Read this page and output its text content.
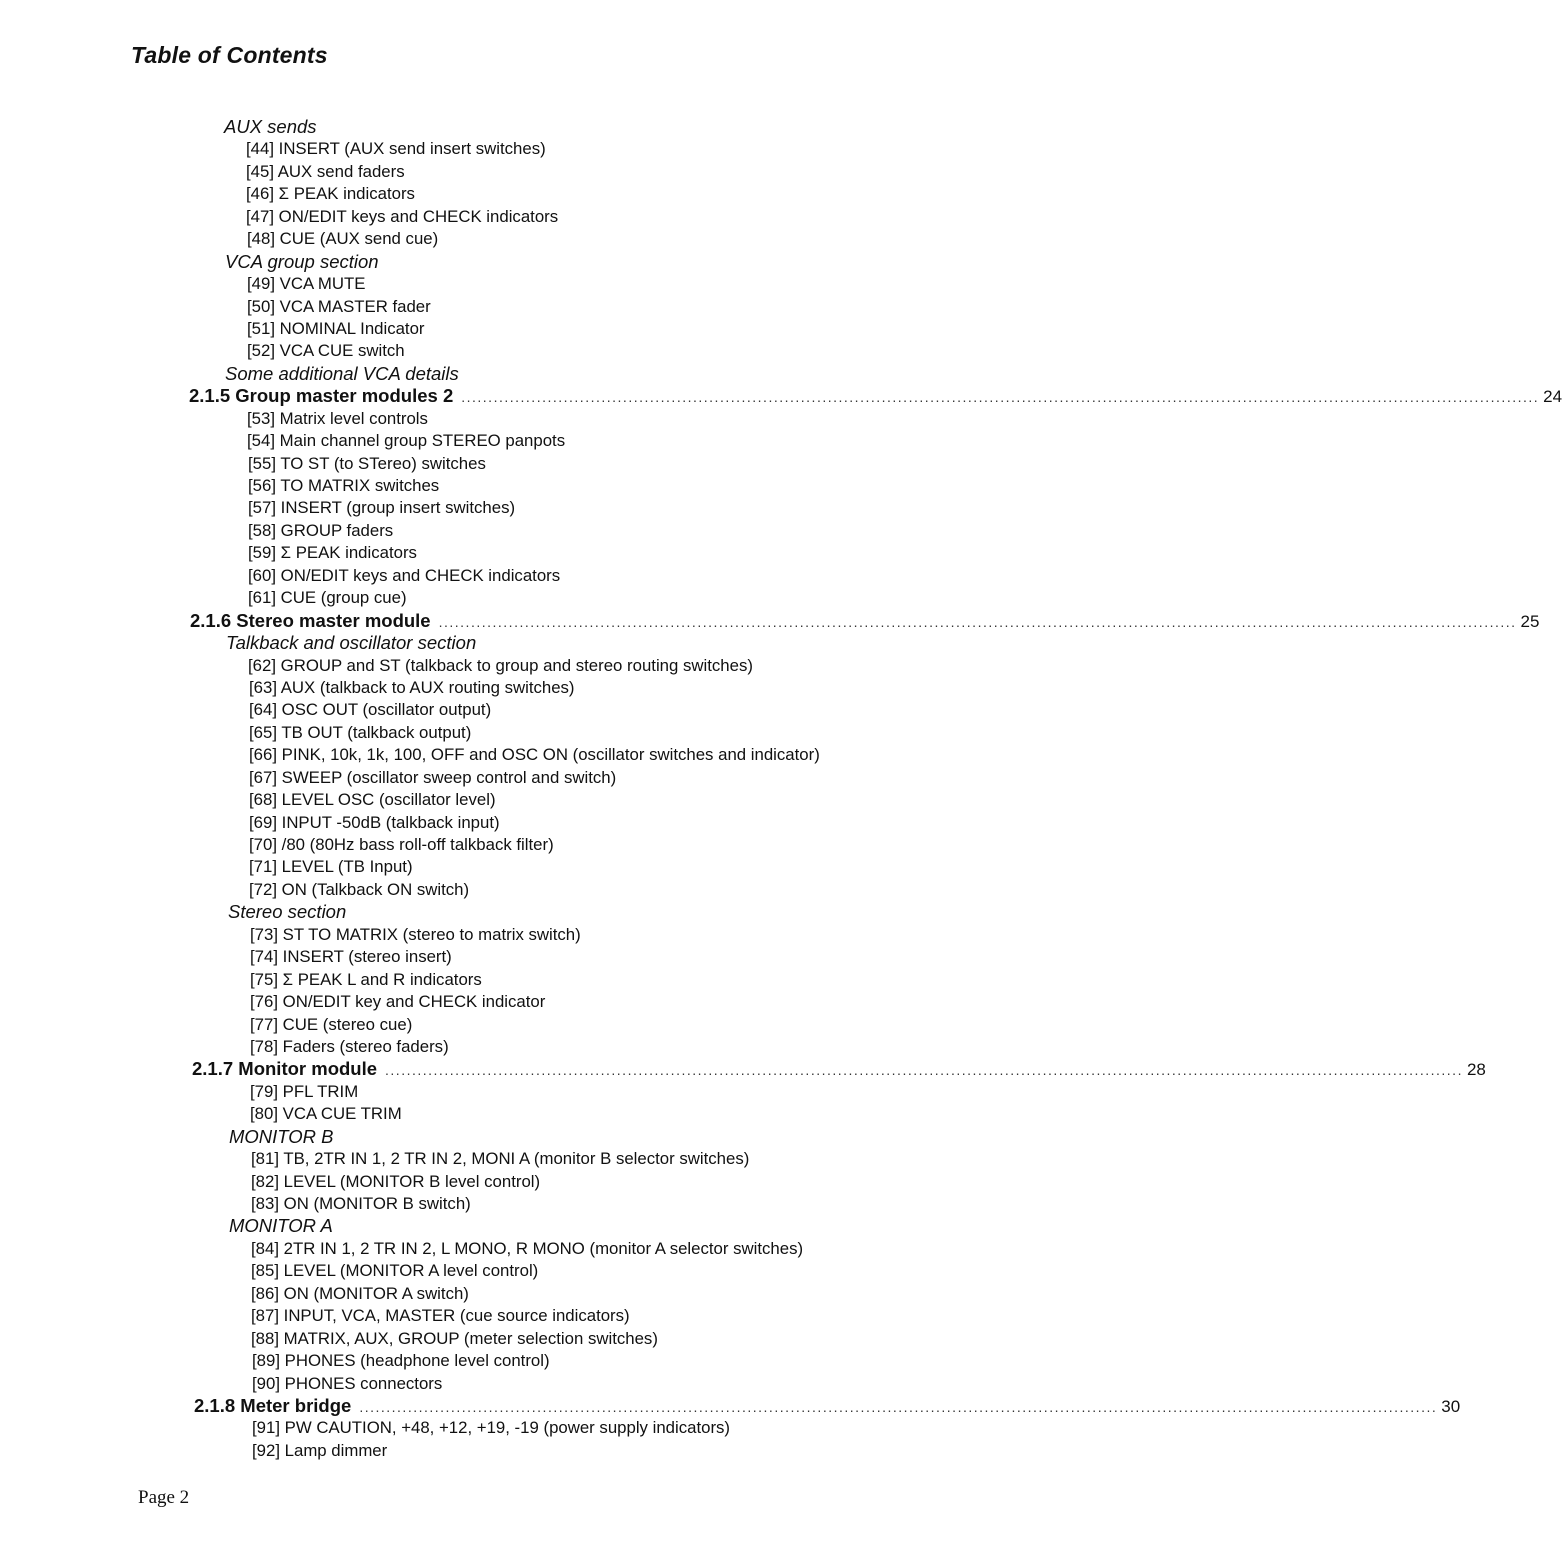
Table of Contents
AUX sends
[44] INSERT (AUX send insert switches)
[45] AUX send faders
[46] Σ PEAK indicators
[47] ON/EDIT keys and CHECK indicators
[48] CUE (AUX send cue)
VCA group section
[49] VCA MUTE
[50] VCA MASTER fader
[51] NOMINAL Indicator
[52] VCA CUE switch
Some additional VCA details
2.1.5 Group master modules 2 ........................................................................................................................................................................................................ 24
[53] Matrix level controls
[54] Main channel group STEREO panpots
[55] TO ST (to STereo) switches
[56] TO MATRIX switches
[57] INSERT (group insert switches)
[58] GROUP faders
[59] Σ PEAK indicators
[60] ON/EDIT keys and CHECK indicators
[61] CUE (group cue)
2.1.6 Stereo master module ........................................................................................................................................................................................................ 25
Talkback and oscillator section
[62] GROUP and ST (talkback to group and stereo routing switches)
[63] AUX (talkback to AUX routing switches)
[64] OSC OUT (oscillator output)
[65] TB OUT (talkback output)
[66] PINK, 10k, 1k, 100, OFF and OSC ON (oscillator switches and indicator)
[67] SWEEP (oscillator sweep control and switch)
[68] LEVEL OSC (oscillator level)
[69] INPUT -50dB (talkback input)
[70] /80 (80Hz bass roll-off talkback filter)
[71] LEVEL (TB Input)
[72] ON (Talkback ON switch)
Stereo section
[73] ST TO MATRIX (stereo to matrix switch)
[74] INSERT (stereo insert)
[75] Σ PEAK L and R indicators
[76] ON/EDIT key and CHECK indicator
[77] CUE (stereo cue)
[78] Faders (stereo faders)
2.1.7 Monitor module ........................................................................................................................................................................................................ 28
[79] PFL TRIM
[80] VCA CUE TRIM
MONITOR B
[81] TB, 2TR IN 1, 2 TR IN 2, MONI A (monitor B selector switches)
[82] LEVEL (MONITOR B level control)
[83] ON (MONITOR B switch)
MONITOR A
[84] 2TR IN 1, 2 TR IN 2, L MONO, R MONO (monitor A selector switches)
[85] LEVEL (MONITOR A level control)
[86] ON (MONITOR A switch)
[87] INPUT, VCA, MASTER (cue source indicators)
[88] MATRIX, AUX, GROUP (meter selection switches)
[89] PHONES (headphone level control)
[90] PHONES connectors
2.1.8 Meter bridge ........................................................................................................................................................................................................ 30
[91] PW CAUTION, +48, +12, +19, -19 (power supply indicators)
[92] Lamp dimmer
Page 2
